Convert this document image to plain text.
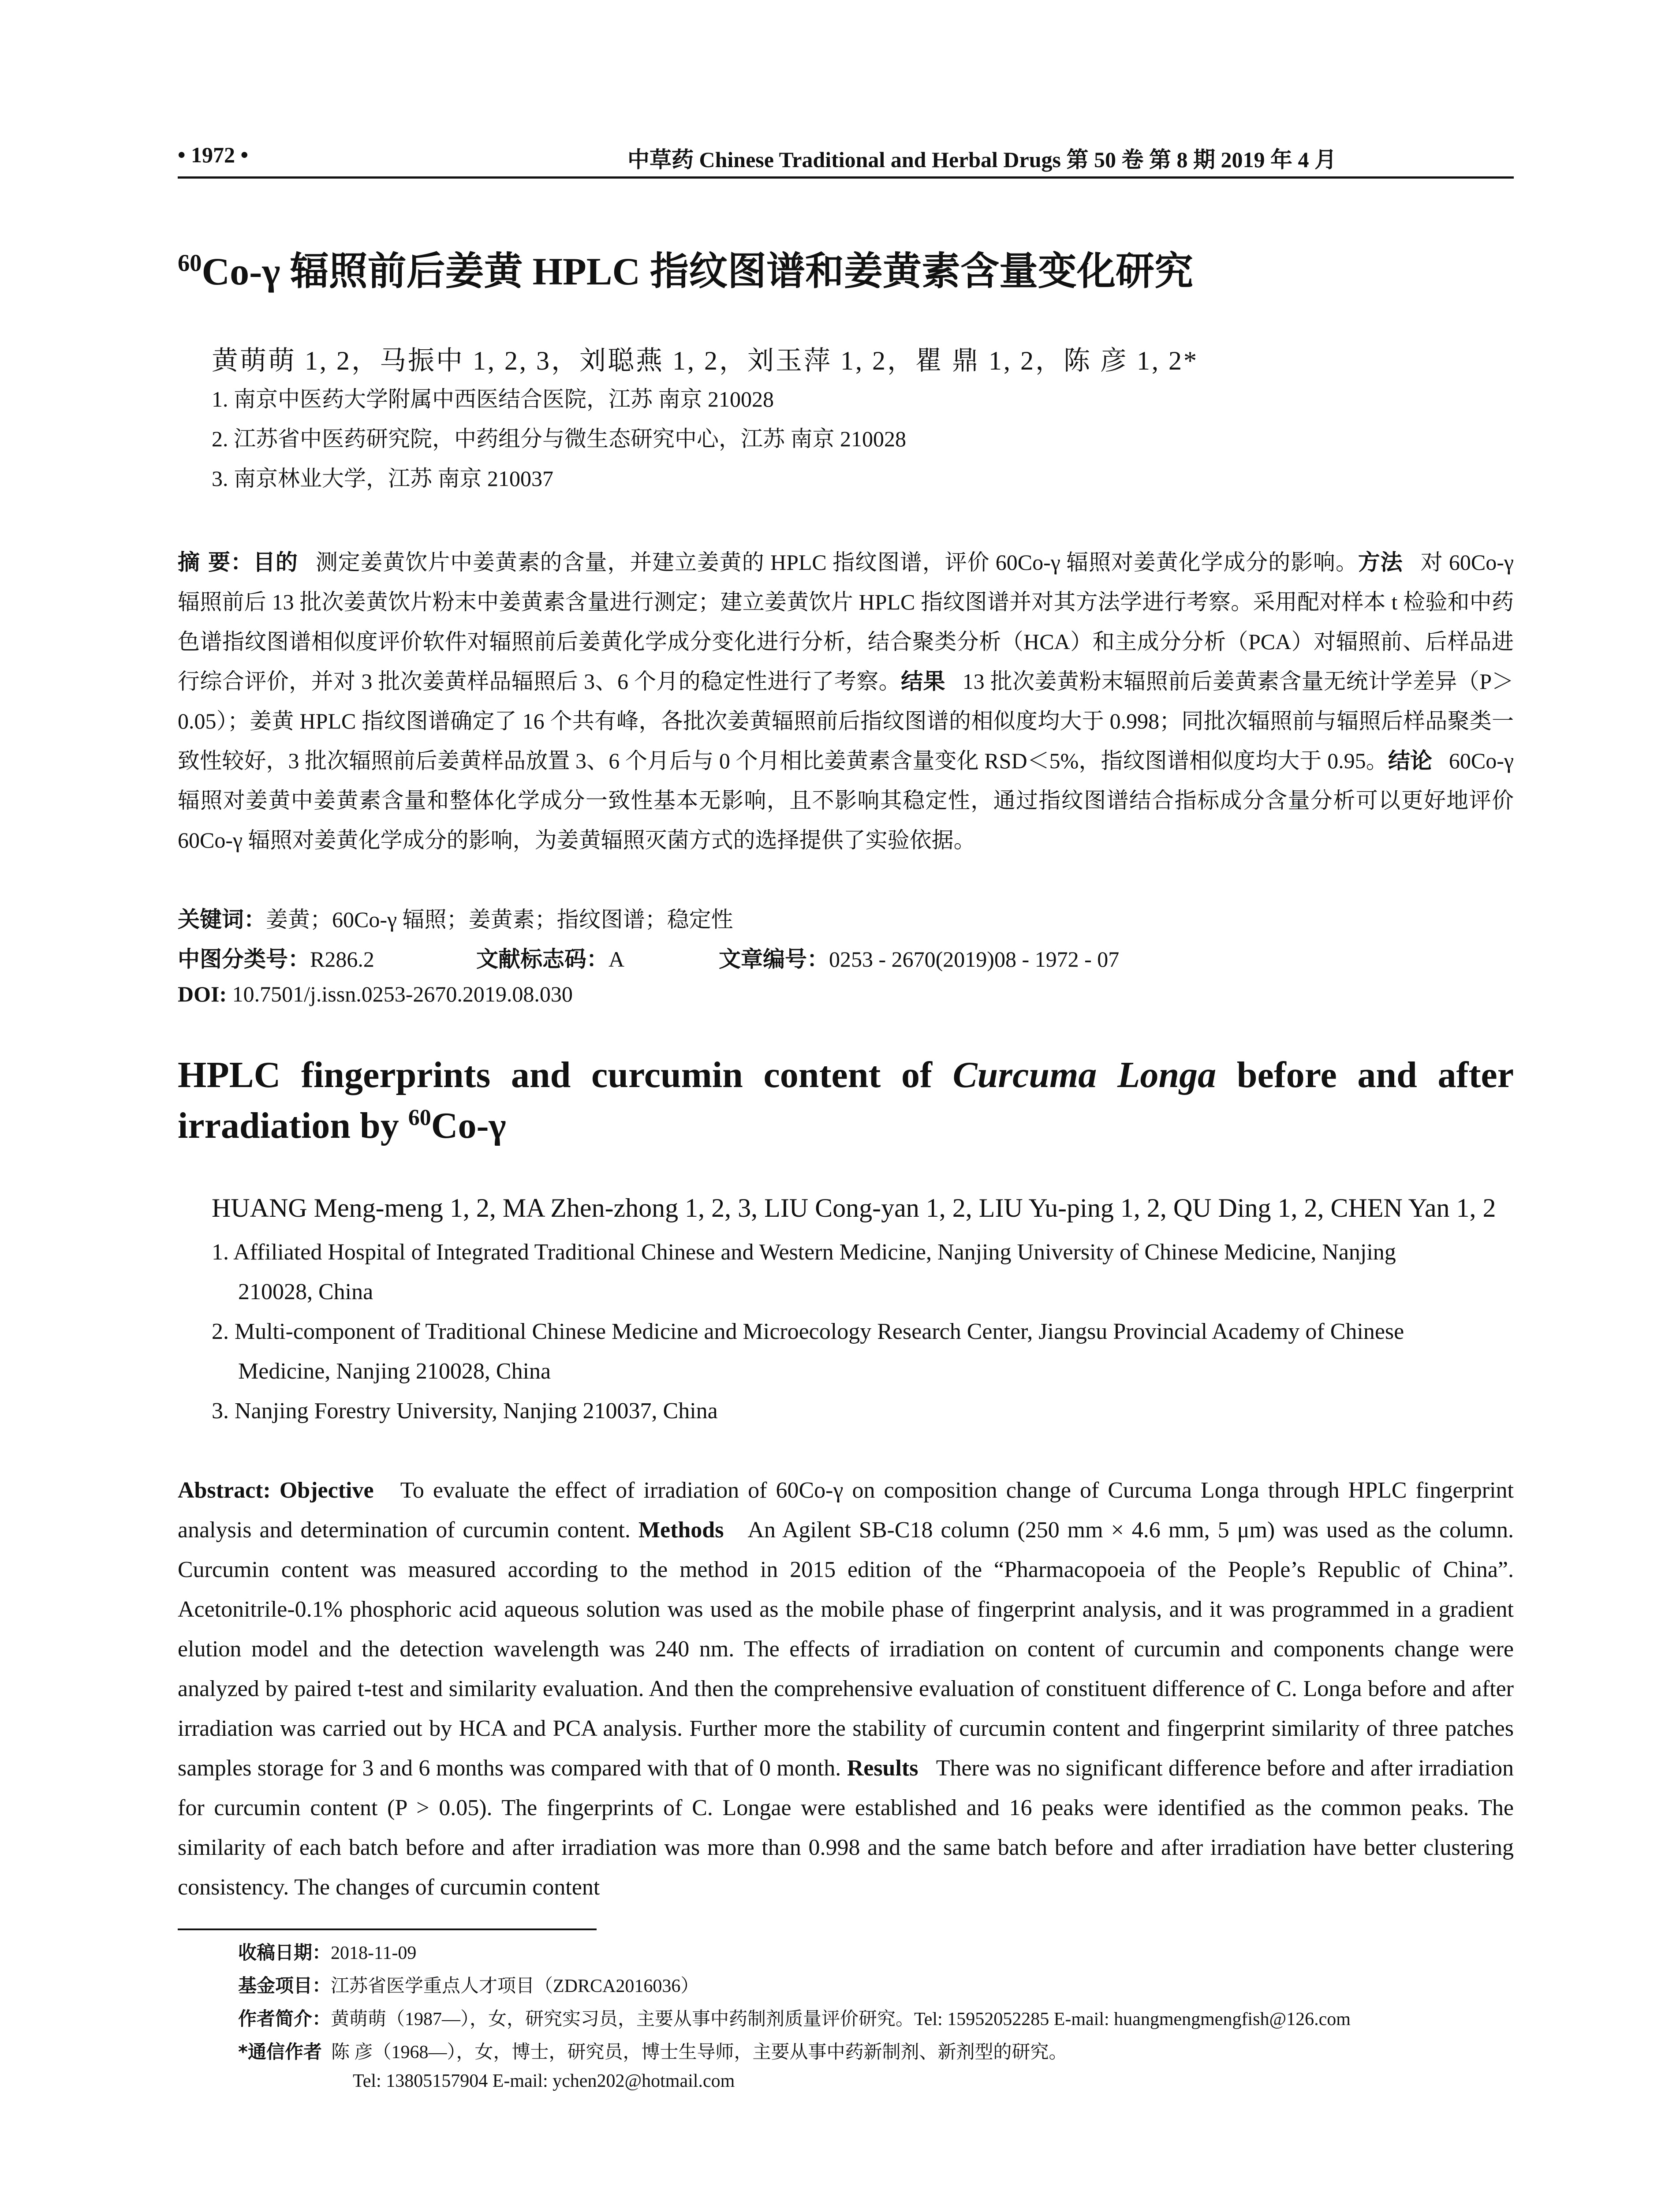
• 1972 •	中草药 Chinese Traditional and Herbal Drugs 第 50 卷 第 8 期 2019 年 4 月
$^{60}$Co-γ 辐照前后姜黄 HPLC 指纹图谱和姜黄素含量变化研究
黄萌萌 1, 2，马振中 1, 2, 3，刘聪燕 1, 2，刘玉萍 1, 2，瞿 鼎 1, 2，陈 彦 1, 2*
1. 南京中医药大学附属中西医结合医院，江苏 南京 210028
2. 江苏省中医药研究院，中药组分与微生态研究中心，江苏 南京 210028
3. 南京林业大学，江苏 南京 210037
摘 要：目的 测定姜黄饮片中姜黄素的含量，并建立姜黄的 HPLC 指纹图谱，评价 60Co-γ 辐照对姜黄化学成分的影响。方法 对 60Co-γ 辐照前后 13 批次姜黄饮片粉末中姜黄素含量进行测定；建立姜黄饮片 HPLC 指纹图谱并对其方法学进行考察。采用配对样本 t 检验和中药色谱指纹图谱相似度评价软件对辐照前后姜黄化学成分变化进行分析，结合聚类分析（HCA）和主成分分析（PCA）对辐照前、后样品进行综合评价，并对 3 批次姜黄样品辐照后 3、6 个月的稳定性进行了考察。结果 13 批次姜黄粉末辐照前后姜黄素含量无统计学差异（P＞0.05）；姜黄 HPLC 指纹图谱确定了 16 个共有峰，各批次姜黄辐照前后指纹图谱的相似度均大于 0.998；同批次辐照前与辐照后样品聚类一致性较好，3 批次辐照前后姜黄样品放置 3、6 个月后与 0 个月相比姜黄素含量变化 RSD＜5%，指纹图谱相似度均大于 0.95。结论 60Co-γ 辐照对姜黄中姜黄素含量和整体化学成分一致性基本无影响，且不影响其稳定性，通过指纹图谱结合指标成分含量分析可以更好地评价 60Co-γ 辐照对姜黄化学成分的影响，为姜黄辐照灭菌方式的选择提供了实验依据。
关键词：姜黄；60Co-γ 辐照；姜黄素；指纹图谱；稳定性
中图分类号：R286.2	文献标志码：A	文章编号：0253 - 2670(2019)08 - 1972 - 07
DOI: 10.7501/j.issn.0253-2670.2019.08.030
HPLC fingerprints and curcumin content of Curcuma Longa before and after irradiation by $^{60}$Co-γ
HUANG Meng-meng 1, 2, MA Zhen-zhong 1, 2, 3, LIU Cong-yan 1, 2, LIU Yu-ping 1, 2, QU Ding 1, 2, CHEN Yan 1, 2
1. Affiliated Hospital of Integrated Traditional Chinese and Western Medicine, Nanjing University of Chinese Medicine, Nanjing
210028, China
2. Multi-component of Traditional Chinese Medicine and Microecology Research Center, Jiangsu Provincial Academy of Chinese
Medicine, Nanjing 210028, China
3. Nanjing Forestry University, Nanjing 210037, China
Abstract: Objective To evaluate the effect of irradiation of 60Co-γ on composition change of Curcuma Longa through HPLC fingerprint analysis and determination of curcumin content. Methods An Agilent SB-C18 column (250 mm × 4.6 mm, 5 μm) was used as the column. Curcumin content was measured according to the method in 2015 edition of the “Pharmacopoeia of the People’s Republic of China”. Acetonitrile-0.1% phosphoric acid aqueous solution was used as the mobile phase of fingerprint analysis, and it was programmed in a gradient elution model and the detection wavelength was 240 nm. The effects of irradiation on content of curcumin and components change were analyzed by paired t-test and similarity evaluation. And then the comprehensive evaluation of constituent difference of C. Longa before and after irradiation was carried out by HCA and PCA analysis. Further more the stability of curcumin content and fingerprint similarity of three patches samples storage for 3 and 6 months was compared with that of 0 month. Results There was no significant difference before and after irradiation for curcumin content (P > 0.05). The fingerprints of C. Longae were established and 16 peaks were identified as the common peaks. The similarity of each batch before and after irradiation was more than 0.998 and the same batch before and after irradiation have better clustering consistency. The changes of curcumin content
收稿日期：2018-11-09
基金项目：江苏省医学重点人才项目（ZDRCA2016036）
作者简介：黄萌萌（1987—），女，研究实习员，主要从事中药制剂质量评价研究。Tel: 15952052285 E-mail: huangmengmengfish@126.com
*通信作者 陈 彦（1968—），女，博士，研究员，博士生导师，主要从事中药新制剂、新剂型的研究。
Tel: 13805157904 E-mail: ychen202@hotmail.com
